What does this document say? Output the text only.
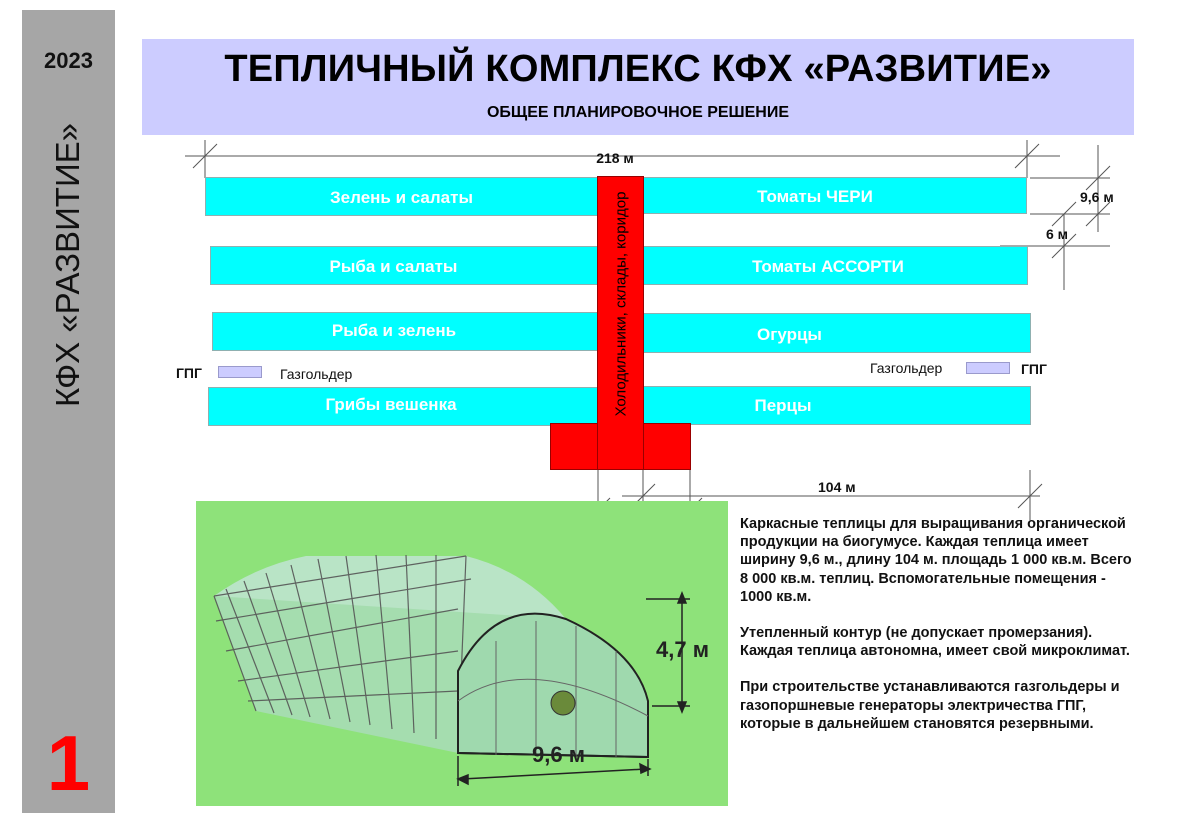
2023
КФХ «РАЗВИТИЕ»
1
ТЕПЛИЧНЫЙ КОМПЛЕКС КФХ «РАЗВИТИЕ»
ОБЩЕЕ ПЛАНИРОВОЧНОЕ РЕШЕНИЕ
218 м
9,6 м
6 м
104 м
Зелень и салаты	Томаты ЧЕРИ
Рыба и салаты	Томаты АССОРТИ
Рыба и зелень	Огурцы
ГПГ	Газгольдер	Газгольдер	ГПГ
Грибы вешенка	Перцы
Холодильники, склады, коридор
4,7 м
9,6 м

Каркасные теплицы для выращивания органической продукции на биогумусе. Каждая теплица имеет ширину 9,6 м., длину 104 м. площадь 1 000 кв.м. Всего 8 000 кв.м. теплиц. Вспомогательные помещения - 1000 кв.м.

Утепленный контур (не допускает промерзания). Каждая теплица автономна, имеет свой микроклимат.

При строительстве устанавливаются газгольдеры и газопоршневые генераторы электричества ГПГ, которые в дальнейшем становятся резервными.
